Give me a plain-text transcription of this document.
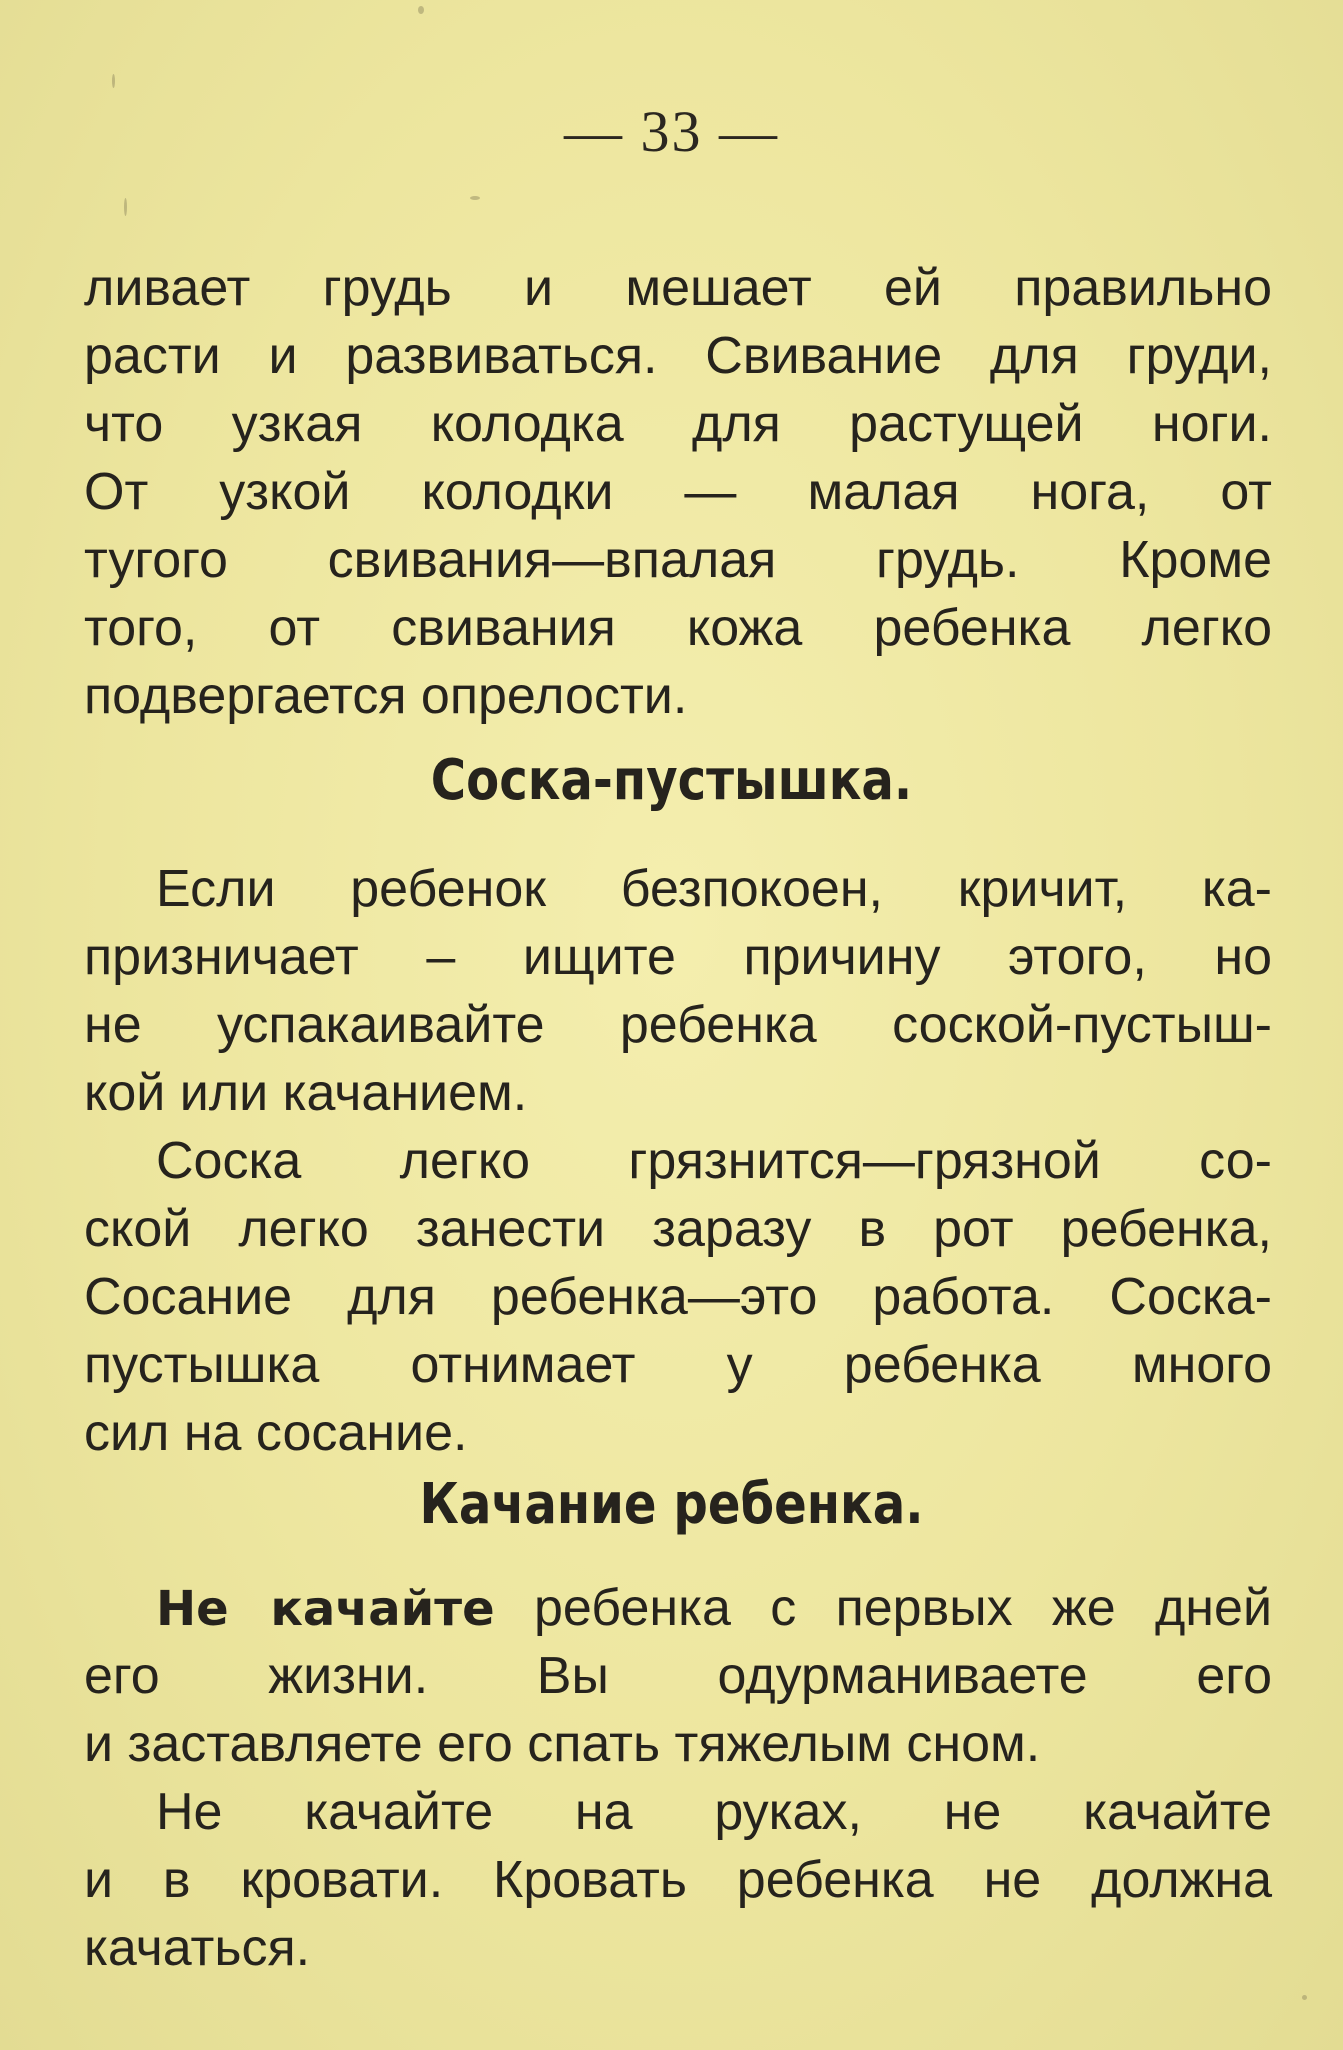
— 33 —
ливает грудь и мешает ей правильно
расти и развиваться. Свивание для груди,
что узкая колодка для растущей ноги.
От узкой колодки — малая нога, от
тугого свивания—впалая грудь. Кроме
того, от свивания кожа ребенка легко
подвергается опрелости.
Соска-пустышка.
Если ребенок безпокоен, кричит, ка-
призничает – ищите причину этого, но
не успакаивайте ребенка соской-пустыш-
кой или качанием.
Соска легко грязнится—грязной со-
ской легко занести заразу в рот ребенка,
Сосание для ребенка—это работа. Соска-
пустышка отнимает у ребенка много
сил на сосание.
Качание ребенка.
Не качайте ребенка с первых же дней
его жизни. Вы одурманиваете его
и заставляете его спать тяжелым сном.
Не качайте на руках, не качайте
и в кровати. Кровать ребенка не должна
качаться.
